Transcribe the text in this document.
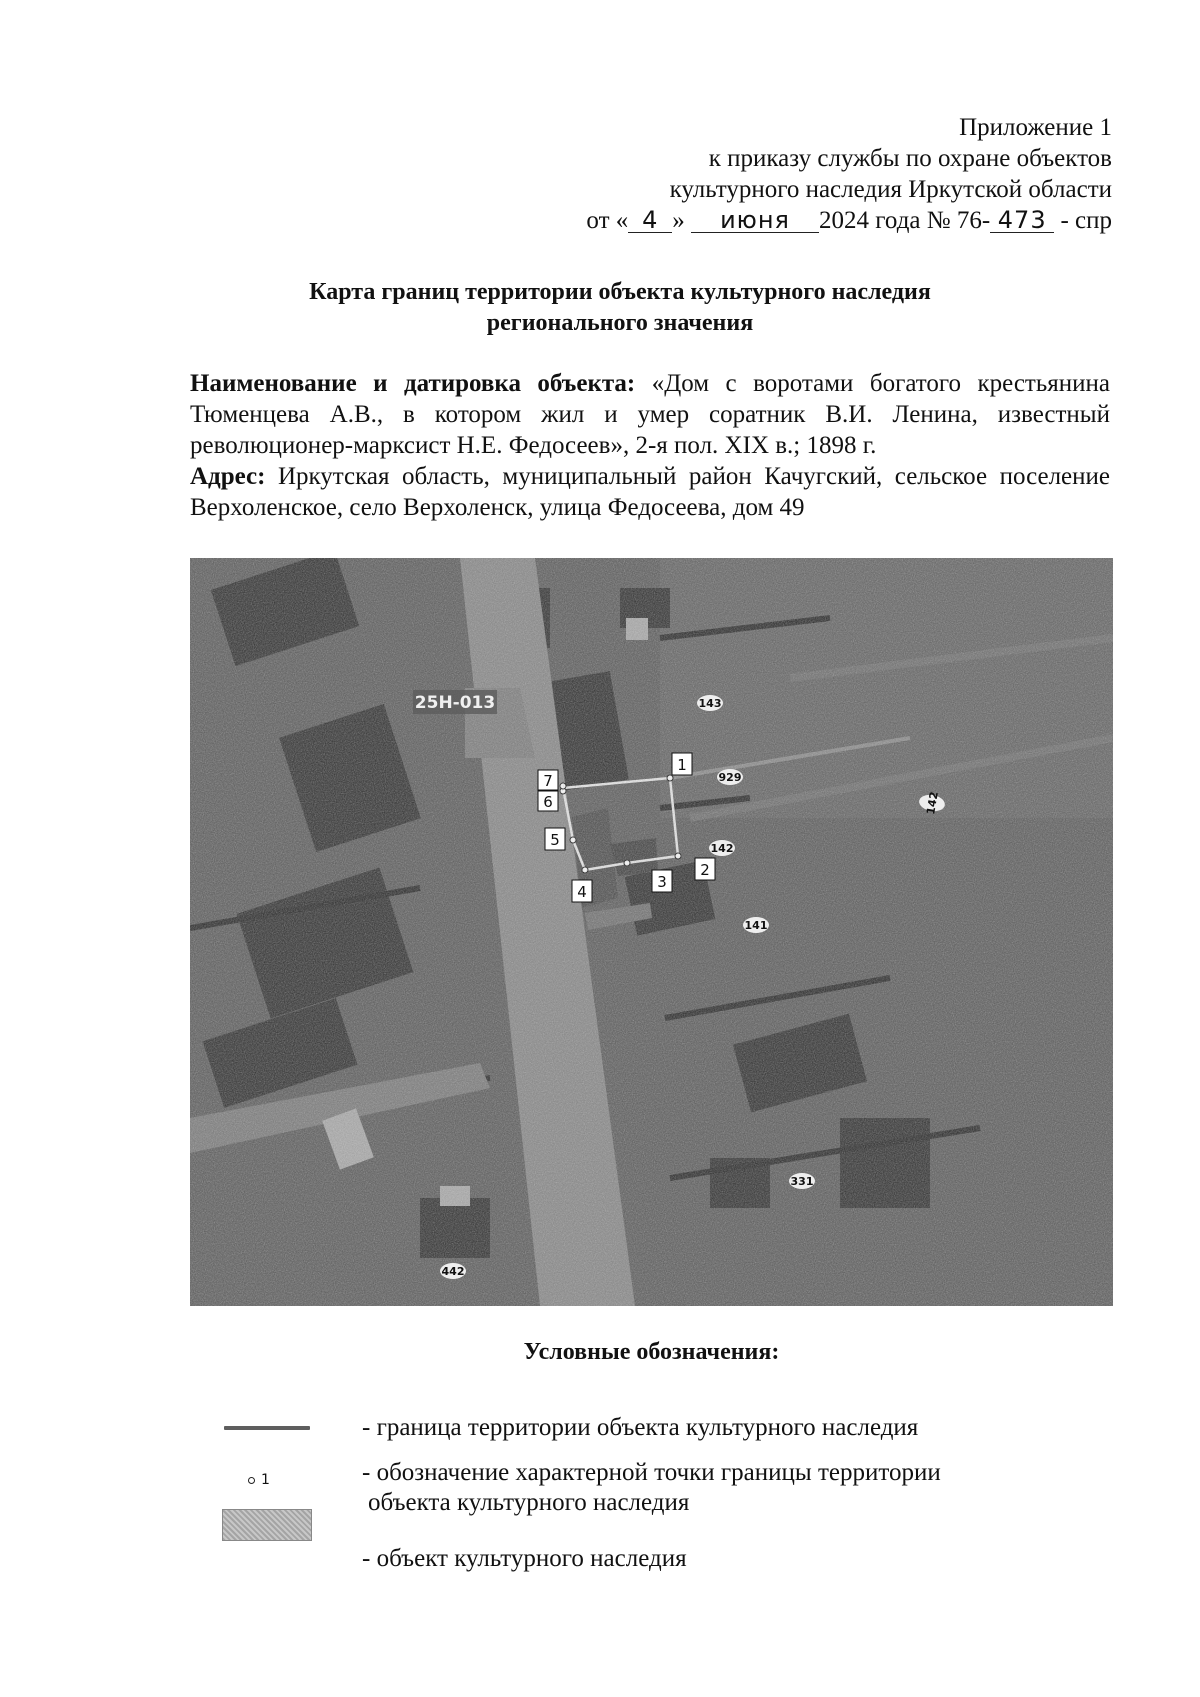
Приложение 1
к приказу службы по охране объектов
культурного наследия Иркутской области
от « 4 » июня 2024 года № 76- 473 - спр
Карта границ территории объекта культурного наследия
регионального значения

Наименование и датировка объекта: «Дом с воротами богатого крестьянина Тюменцева А.В., в котором жил и умер соратник В.И. Ленина, известный революционер-марксист Н.Е. Федосеев», 2-я пол. XIX в.; 1898 г.

Адрес: Иркутская область, муниципальный район Качугский, сельское поселение Верхоленское, село Верхоленск, улица Федосеева, дом 49

25Н-013	143
929
142
142
141
331
442
1
2
3
4
5
6
7
Условные обозначения:
- граница территории объекта культурного наследия
1	- обозначение характерной точки границы территории
объекта культурного наследия
- объект культурного наследия
